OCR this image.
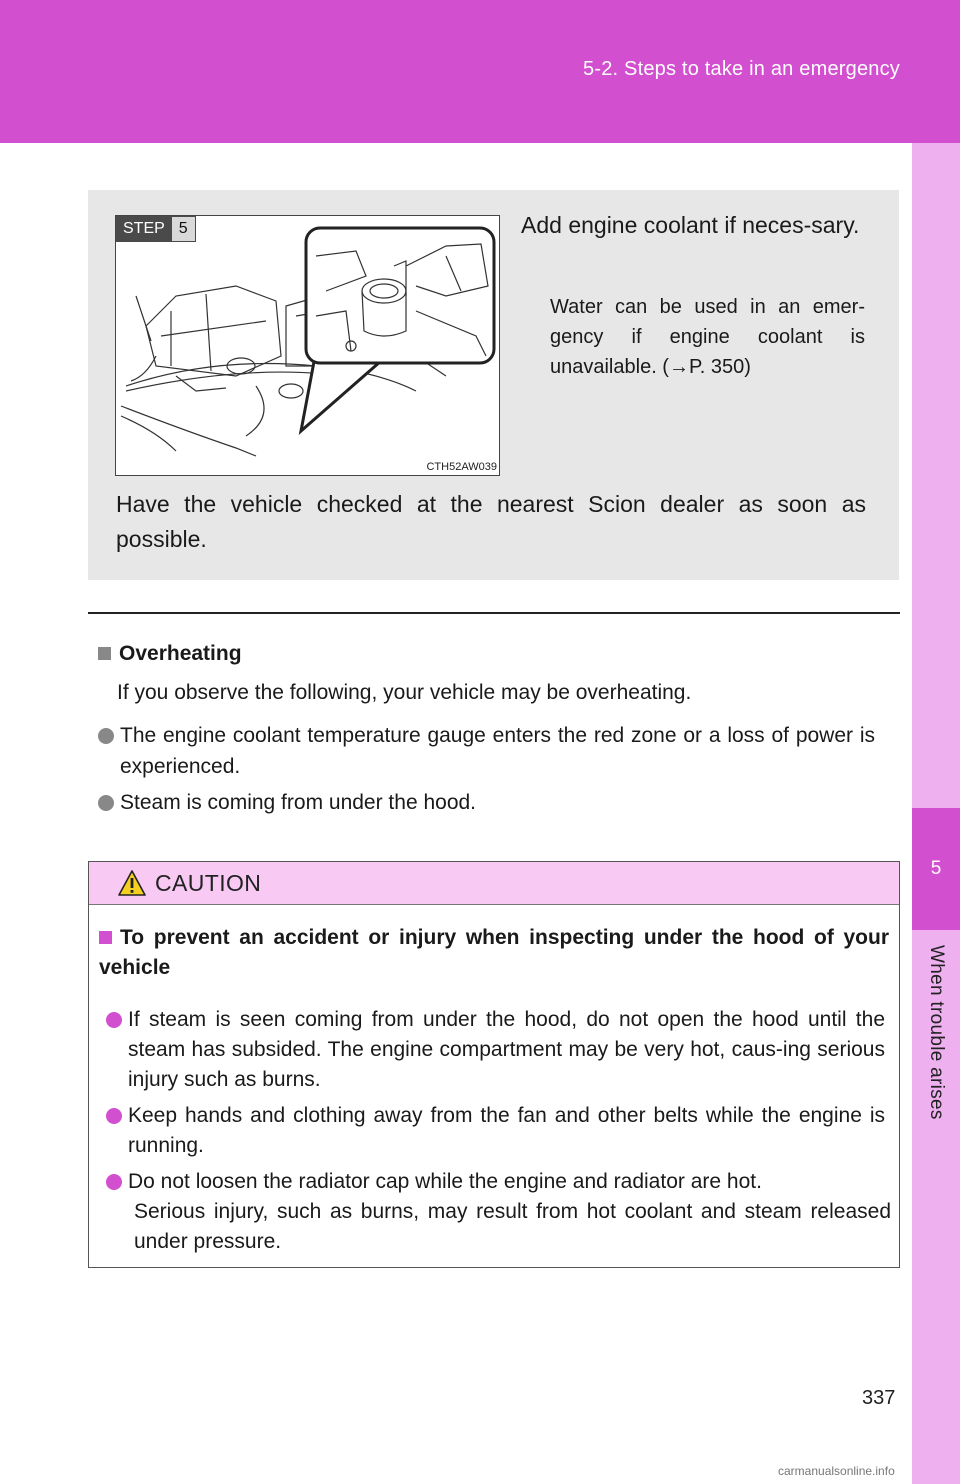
5-2. Steps to take in an emergency
5
When trouble arises
STEP 5
CTH52AW039
Add engine coolant if neces-sary.
Water can be used in an emer-gency if engine coolant is unavailable. (→P. 350)
Have the vehicle checked at the nearest Scion dealer as soon as possible.
Overheating
If you observe the following, your vehicle may be overheating.
The engine coolant temperature gauge enters the red zone or a loss of power is experienced.
Steam is coming from under the hood.
CAUTION
To prevent an accident or injury when inspecting under the hood of your vehicle
If steam is seen coming from under the hood, do not open the hood until the steam has subsided. The engine compartment may be very hot, caus-ing serious injury such as burns.
Keep hands and clothing away from the fan and other belts while the engine is running.
Do not loosen the radiator cap while the engine and radiator are hot.
Serious injury, such as burns, may result from hot coolant and steam released under pressure.
337
carmanualsonline.info
